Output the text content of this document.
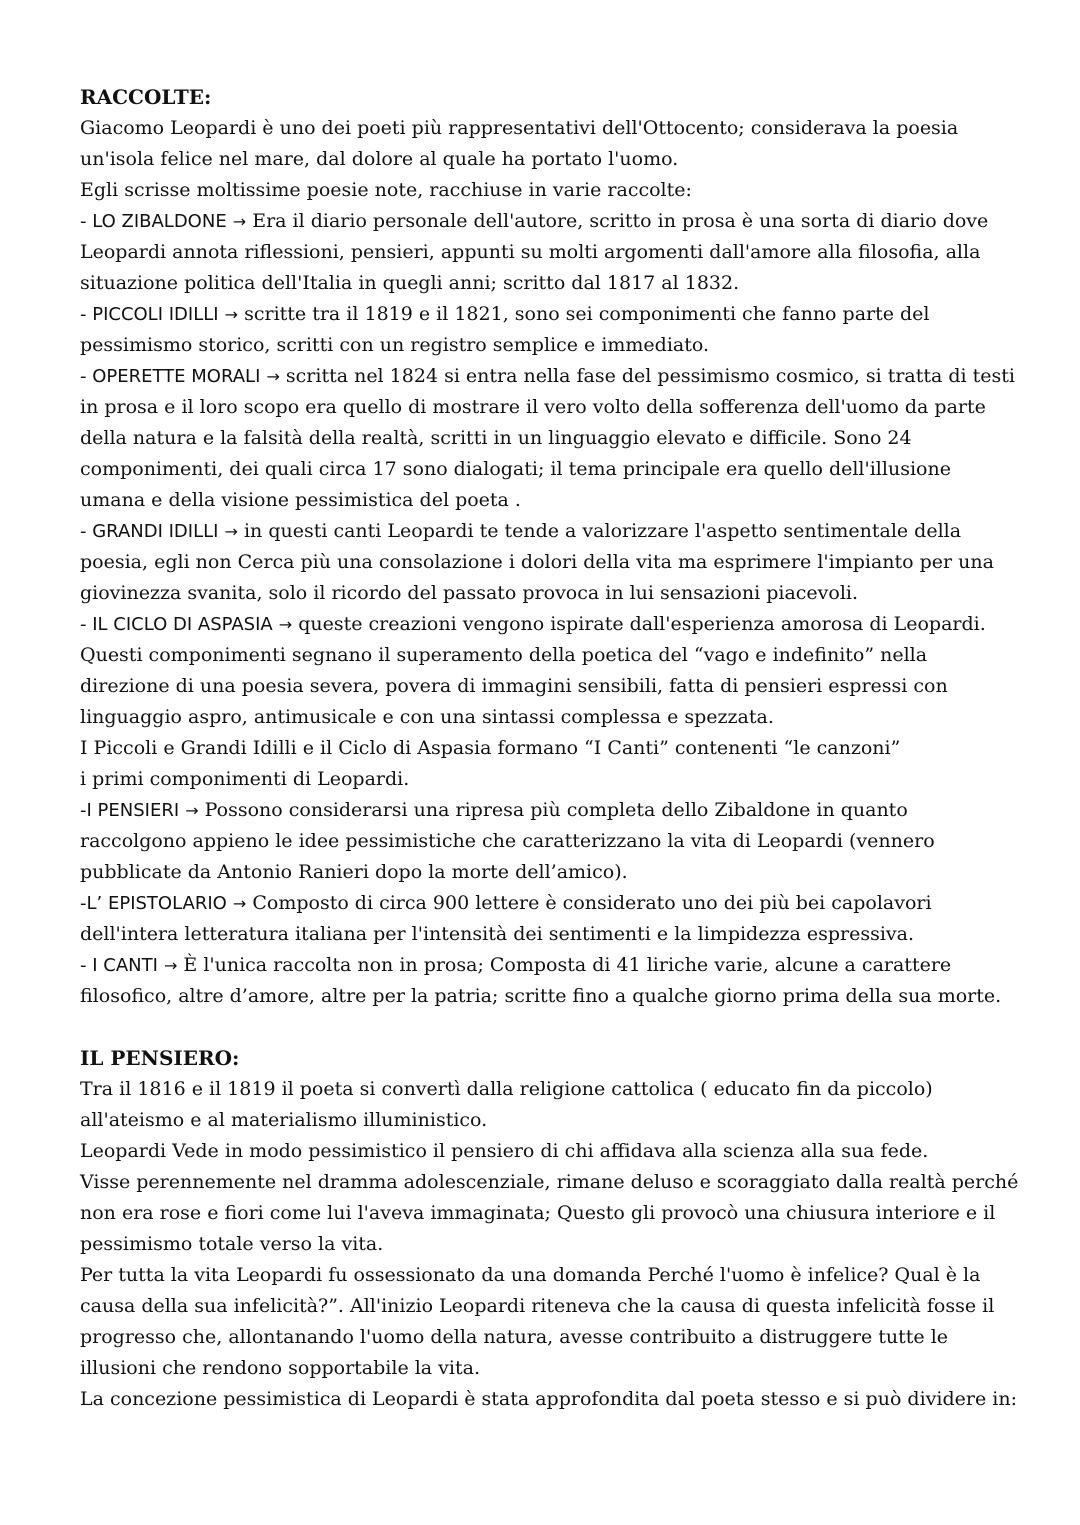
RACCOLTE:

Giacomo Leopardi è uno dei poeti più rappresentativi dell'Ottocento; considerava la poesia un'isola felice nel mare, dal dolore al quale ha portato l'uomo.

Egli scrisse moltissime poesie note, racchiuse in varie raccolte:

- LO ZIBALDONE → Era il diario personale dell'autore, scritto in prosa è una sorta di diario dove Leopardi annota riflessioni, pensieri, appunti su molti argomenti dall'amore alla filosofia, alla situazione politica dell'Italia in quegli anni; scritto dal 1817 al 1832.

- PICCOLI IDILLI → scritte tra il 1819 e il 1821, sono sei componimenti che fanno parte del pessimismo storico, scritti con un registro semplice e immediato.

- OPERETTE MORALI → scritta nel 1824 si entra nella fase del pessimismo cosmico, si tratta di testi in prosa e il loro scopo era quello di mostrare il vero volto della sofferenza dell'uomo da parte della natura e la falsità della realtà, scritti in un linguaggio elevato e difficile. Sono 24 componimenti, dei quali circa 17 sono dialogati; il tema principale era quello dell'illusione umana e della visione pessimistica del poeta .

- GRANDI IDILLI → in questi canti Leopardi te tende a valorizzare l'aspetto sentimentale della poesia, egli non Cerca più una consolazione i dolori della vita ma esprimere l'impianto per una giovinezza svanita, solo il ricordo del passato provoca in lui sensazioni piacevoli.

- IL CICLO DI ASPASIA → queste creazioni vengono ispirate dall'esperienza amorosa di Leopardi. Questi componimenti segnano il superamento della poetica del “vago e indefinito” nella direzione di una poesia severa, povera di immagini sensibili, fatta di pensieri espressi con linguaggio aspro, antimusicale e con una sintassi complessa e spezzata.

I Piccoli e Grandi Idilli e il Ciclo di Aspasia formano “I Canti” contenenti “le canzoni”

i primi componimenti di Leopardi.

-I PENSIERI → Possono considerarsi una ripresa più completa dello Zibaldone in quanto raccolgono appieno le idee pessimistiche che caratterizzano la vita di Leopardi (vennero pubblicate da Antonio Ranieri dopo la morte dell’amico).

-L’ EPISTOLARIO → Composto di circa 900 lettere è considerato uno dei più bei capolavori dell'intera letteratura italiana per l'intensità dei sentimenti e la limpidezza espressiva.

- I CANTI → È l'unica raccolta non in prosa; Composta di 41 liriche varie, alcune a carattere filosofico, altre d’amore, altre per la patria; scritte fino a qualche giorno prima della sua morte.

IL PENSIERO:

Tra il 1816 e il 1819 il poeta si convertì dalla religione cattolica ( educato fin da piccolo) all'ateismo e al materialismo illuministico.

Leopardi Vede in modo pessimistico il pensiero di chi affidava alla scienza alla sua fede.

Visse perennemente nel dramma adolescenziale, rimane deluso e scoraggiato dalla realtà perché non era rose e fiori come lui l'aveva immaginata; Questo gli provocò una chiusura interiore e il pessimismo totale verso la vita.

Per tutta la vita Leopardi fu ossessionato da una domanda Perché l'uomo è infelice? Qual è la causa della sua infelicità?”. All'inizio Leopardi riteneva che la causa di questa infelicità fosse il progresso che, allontanando l'uomo della natura, avesse contribuito a distruggere tutte le illusioni che rendono sopportabile la vita.

La concezione pessimistica di Leopardi è stata approfondita dal poeta stesso e si può dividere in:
